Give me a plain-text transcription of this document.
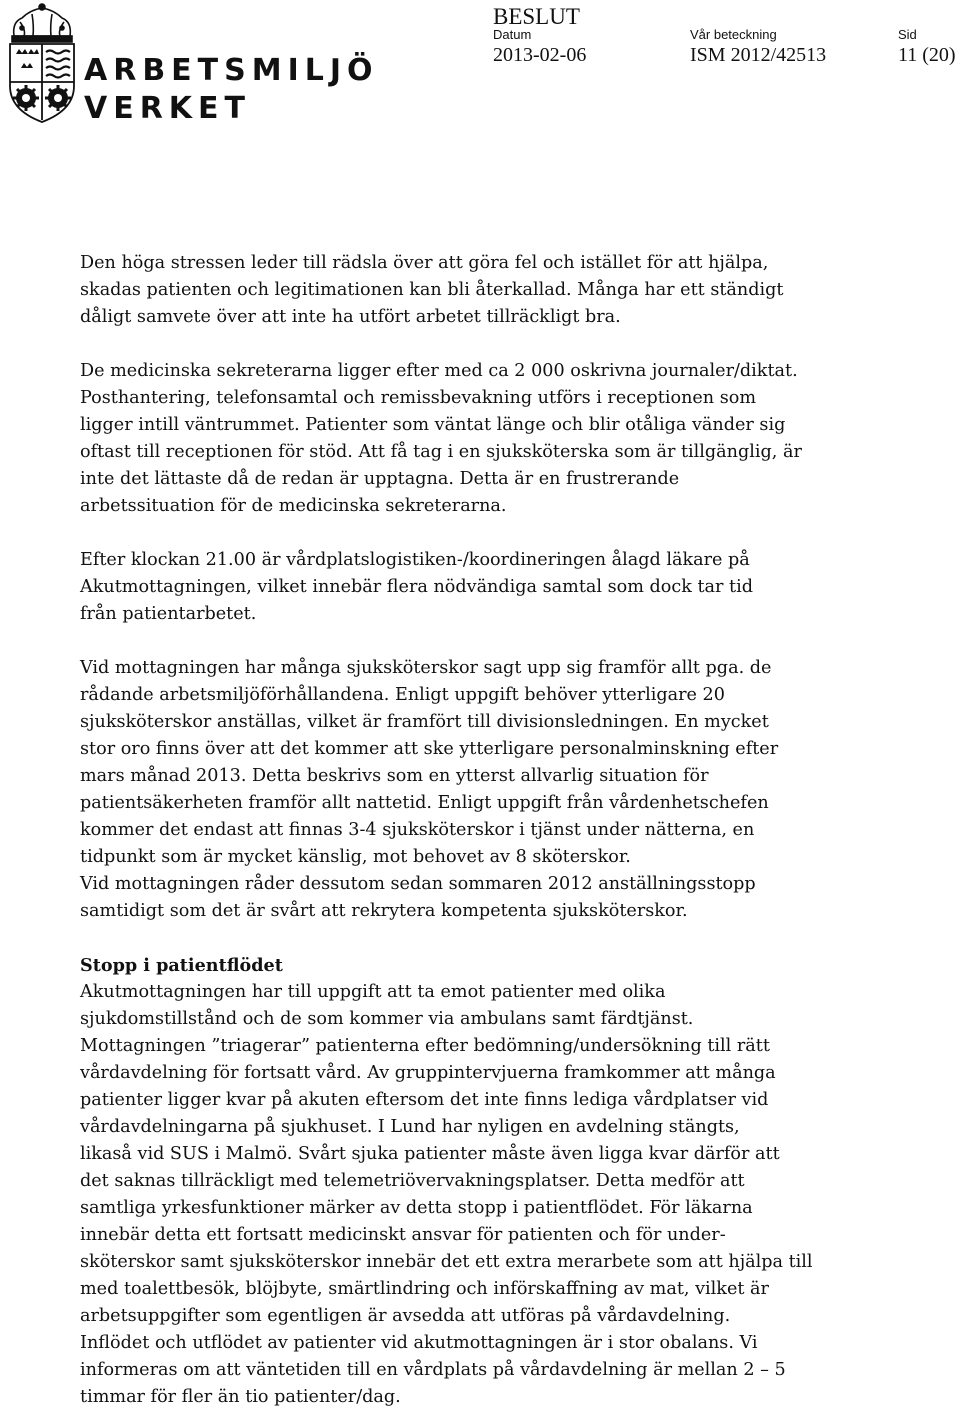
ARBETSMILJÖ
VERKET
BESLUT
Datum
2013-02-06
Vår beteckning
ISM 2012/42513
Sid
11 (20)

Den höga stressen leder till rädsla över att göra fel och istället för att hjälpa,
skadas patienten och legitimationen kan bli återkallad. Många har ett ständigt
dåligt samvete över att inte ha utfört arbetet tillräckligt bra.

De medicinska sekreterarna ligger efter med ca 2 000 oskrivna journaler/diktat.
Posthantering, telefonsamtal och remissbevakning utförs i receptionen som
ligger intill väntrummet. Patienter som väntat länge och blir otåliga vänder sig
oftast till receptionen för stöd. Att få tag i en sjuksköterska som är tillgänglig, är
inte det lättaste då de redan är upptagna. Detta är en frustrerande
arbetssituation för de medicinska sekreterarna.

Efter klockan 21.00 är vårdplatslogistiken-/koordineringen ålagd läkare på
Akutmottagningen, vilket innebär flera nödvändiga samtal som dock tar tid
från patientarbetet.

Vid mottagningen har många sjuksköterskor sagt upp sig framför allt pga. de
rådande arbetsmiljöförhållandena. Enligt uppgift behöver ytterligare 20
sjuksköterskor anställas, vilket är framfört till divisionsledningen. En mycket
stor oro finns över att det kommer att ske ytterligare personalminskning efter
mars månad 2013. Detta beskrivs som en ytterst allvarlig situation för
patientsäkerheten framför allt nattetid. Enligt uppgift från vårdenhetschefen
kommer det endast att finnas 3-4 sjuksköterskor i tjänst under nätterna, en
tidpunkt som är mycket känslig, mot behovet av 8 sköterskor.
Vid mottagningen råder dessutom sedan sommaren 2012 anställningsstopp
samtidigt som det är svårt att rekrytera kompetenta sjuksköterskor.

Stopp i patientflödet
Akutmottagningen har till uppgift att ta emot patienter med olika
sjukdomstillstånd och de som kommer via ambulans samt färdtjänst.
Mottagningen ”triagerar” patienterna efter bedömning/undersökning till rätt
vårdavdelning för fortsatt vård. Av gruppintervjuerna framkommer att många
patienter ligger kvar på akuten eftersom det inte finns lediga vårdplatser vid
vårdavdelningarna på sjukhuset. I Lund har nyligen en avdelning stängts,
likaså vid SUS i Malmö. Svårt sjuka patienter måste även ligga kvar därför att
det saknas tillräckligt med telemetriövervakningsplatser. Detta medför att
samtliga yrkesfunktioner märker av detta stopp i patientflödet. För läkarna
innebär detta ett fortsatt medicinskt ansvar för patienten och för under-
sköterskor samt sjuksköterskor innebär det ett extra merarbete som att hjälpa till
med toalettbesök, blöjbyte, smärtlindring och införskaffning av mat, vilket är
arbetsuppgifter som egentligen är avsedda att utföras på vårdavdelning.
Inflödet och utflödet av patienter vid akutmottagningen är i stor obalans. Vi
informeras om att väntetiden till en vårdplats på vårdavdelning är mellan 2 – 5
timmar för fler än tio patienter/dag.
